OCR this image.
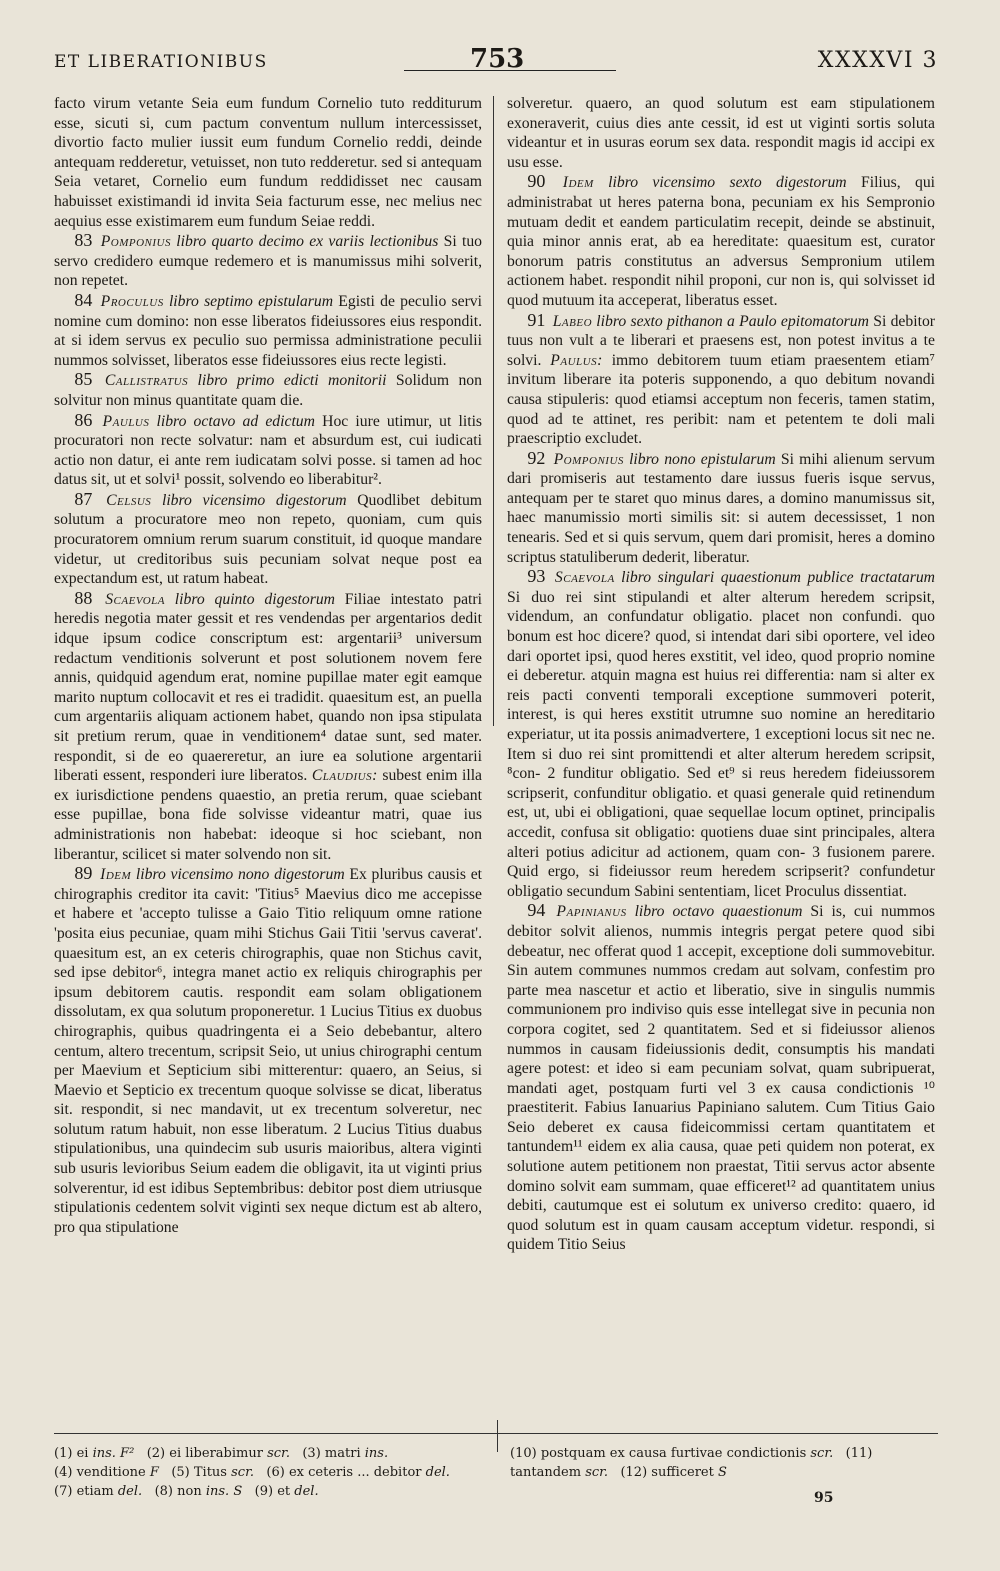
ET LIBERATIONIBUS	753	XXXXVI 3

facto virum vetante Seia eum fundum Cornelio tuto redditurum esse, sicuti si, cum pactum conventum nullum intercessisset, divortio facto mulier iussit eum fundum Cornelio reddi, deinde antequam redderetur, vetuisset, non tuto redderetur. sed si antequam Seia vetaret, Cornelio eum fundum reddidisset nec causam habuisset existimandi id invita Seia facturum esse, nec melius nec aequius esse existimarem eum fundum Seiae reddi.

83 Pomponius libro quarto decimo ex variis lectionibus Si tuo servo credidero eumque redemero et is manumissus mihi solverit, non repetet.

84 Proculus libro septimo epistularum Egisti de peculio servi nomine cum domino: non esse liberatos fideiussores eius respondit. at si idem servus ex peculio suo permissa administratione peculii nummos solvisset, liberatos esse fideiussores eius recte legisti.

85 Callistratus libro primo edicti monitorii Solidum non solvitur non minus quantitate quam die.

86 Paulus libro octavo ad edictum Hoc iure utimur, ut litis procuratori non recte solvatur: nam et absurdum est, cui iudicati actio non datur, ei ante rem iudicatam solvi posse. si tamen ad hoc datus sit, ut et solvi¹ possit, solvendo eo liberabitur².

87 Celsus libro vicensimo digestorum Quodlibet debitum solutum a procuratore meo non repeto, quoniam, cum quis procuratorem omnium rerum suarum constituit, id quoque mandare videtur, ut creditoribus suis pecuniam solvat neque post ea expectandum est, ut ratum habeat.

88 Scaevola libro quinto digestorum Filiae intestato patri heredis negotia mater gessit et res vendendas per argentarios dedit idque ipsum codice conscriptum est: argentarii³ universum redactum venditionis solverunt et post solutionem novem fere annis, quidquid agendum erat, nomine pupillae mater egit eamque marito nuptum collocavit et res ei tradidit. quaesitum est, an puella cum argentariis aliquam actionem habet, quando non ipsa stipulata sit pretium rerum, quae in venditionem⁴ datae sunt, sed mater. respondit, si de eo quaereretur, an iure ea solutione argentarii liberati essent, responderi iure liberatos. Claudius: subest enim illa ex iurisdictione pendens quaestio, an pretia rerum, quae sciebant esse pupillae, bona fide solvisse videantur matri, quae ius administrationis non habebat: ideoque si hoc sciebant, non liberantur, scilicet si mater solvendo non sit.

89 Idem libro vicensimo nono digestorum Ex pluribus causis et chirographis creditor ita cavit: 'Titius⁵ Maevius dico me accepisse et habere et 'accepto tulisse a Gaio Titio reliquum omne ratione 'posita eius pecuniae, quam mihi Stichus Gaii Titii 'servus caverat'. quaesitum est, an ex ceteris chirographis, quae non Stichus cavit, sed ipse debitor⁶, integra manet actio ex reliquis chirographis per ipsum debitorem cautis. respondit eam solam obligationem dissolutam, ex qua solutum proponeretur. 1 Lucius Titius ex duobus chirographis, quibus quadringenta ei a Seio debebantur, altero centum, altero trecentum, scripsit Seio, ut unius chirographi centum per Maevium et Septicium sibi mitterentur: quaero, an Seius, si Maevio et Septicio ex trecentum quoque solvisse se dicat, liberatus sit. respondit, si nec mandavit, ut ex trecentum solveretur, nec solutum ratum habuit, non esse liberatum. 2 Lucius Titius duabus stipulationibus, una quindecim sub usuris maioribus, altera viginti sub usuris levioribus Seium eadem die obligavit, ita ut viginti prius solverentur, id est idibus Septembribus: debitor post diem utriusque stipulationis cedentem solvit viginti sex neque dictum est ab altero, pro qua stipulatione

solveretur. quaero, an quod solutum est eam stipulationem exoneraverit, cuius dies ante cessit, id est ut viginti sortis soluta videantur et in usuras eorum sex data. respondit magis id accipi ex usu esse.

90 Idem libro vicensimo sexto digestorum Filius, qui administrabat ut heres paterna bona, pecuniam ex his Sempronio mutuam dedit et eandem particulatim recepit, deinde se abstinuit, quia minor annis erat, ab ea hereditate: quaesitum est, curator bonorum patris constitutus an adversus Sempronium utilem actionem habet. respondit nihil proponi, cur non is, qui solvisset id quod mutuum ita acceperat, liberatus esset.

91 Labeo libro sexto pithanon a Paulo epitomatorum Si debitor tuus non vult a te liberari et praesens est, non potest invitus a te solvi. Paulus: immo debitorem tuum etiam praesentem etiam⁷ invitum liberare ita poteris supponendo, a quo debitum novandi causa stipuleris: quod etiamsi acceptum non feceris, tamen statim, quod ad te attinet, res peribit: nam et petentem te doli mali praescriptio excludet.

92 Pomponius libro nono epistularum Si mihi alienum servum dari promiseris aut testamento dare iussus fueris isque servus, antequam per te staret quo minus dares, a domino manumissus sit, haec manumissio morti similis sit: si autem decessisset, 1 non tenearis. Sed et si quis servum, quem dari promisit, heres a domino scriptus statuliberum dederit, liberatur.

93 Scaevola libro singulari quaestionum publice tractatarum Si duo rei sint stipulandi et alter alterum heredem scripsit, videndum, an confundatur obligatio. placet non confundi. quo bonum est hoc dicere? quod, si intendat dari sibi oportere, vel ideo dari oportet ipsi, quod heres exstitit, vel ideo, quod proprio nomine ei deberetur. atquin magna est huius rei differentia: nam si alter ex reis pacti conventi temporali exceptione summoveri poterit, interest, is qui heres exstitit utrumne suo nomine an hereditario experiatur, ut ita possis animadvertere, 1 exceptioni locus sit nec ne. Item si duo rei sint promittendi et alter alterum heredem scripsit, ⁸con- 2 funditur obligatio. Sed et⁹ si reus heredem fideiussorem scripserit, confunditur obligatio. et quasi generale quid retinendum est, ut, ubi ei obligationi, quae sequellae locum optinet, principalis accedit, confusa sit obligatio: quotiens duae sint principales, altera alteri potius adicitur ad actionem, quam con- 3 fusionem parere. Quid ergo, si fideiussor reum heredem scripserit? confundetur obligatio secundum Sabini sententiam, licet Proculus dissentiat.

94 Papinianus libro octavo quaestionum Si is, cui nummos debitor solvit alienos, nummis integris pergat petere quod sibi debeatur, nec offerat quod 1 accepit, exceptione doli summovebitur. Sin autem communes nummos credam aut solvam, confestim pro parte mea nascetur et actio et liberatio, sive in singulis nummis communionem pro indiviso quis esse intellegat sive in pecunia non corpora cogitet, sed 2 quantitatem. Sed et si fideiussor alienos nummos in causam fideiussionis dedit, consumptis his mandati agere potest: et ideo si eam pecuniam solvat, quam subripuerat, mandati aget, postquam furti vel 3 ex causa condictionis ¹⁰ praestiterit. Fabius Ianuarius Papiniano salutem. Cum Titius Gaio Seio deberet ex causa fideicommissi certam quantitatem et tantundem¹¹ eidem ex alia causa, quae peti quidem non poterat, ex solutione autem petitionem non praestat, Titii servus actor absente domino solvit eam summam, quae efficeret¹² ad quantitatem unius debiti, cautumque est ei solutum ex universo credito: quaero, id quod solutum est in quam causam acceptum videtur. respondi, si quidem Titio Seius

(1) ei ins. F² (2) ei liberabimur scr. (3) matri ins.
(4) venditione F (5) Titus scr. (6) ex ceteris ... debitor del.
(7) etiam del. (8) non ins. S (9) et del.
(10) postquam ex causa furtivae condictionis scr. (11) tantandem scr. (12) sufficeret S
95
